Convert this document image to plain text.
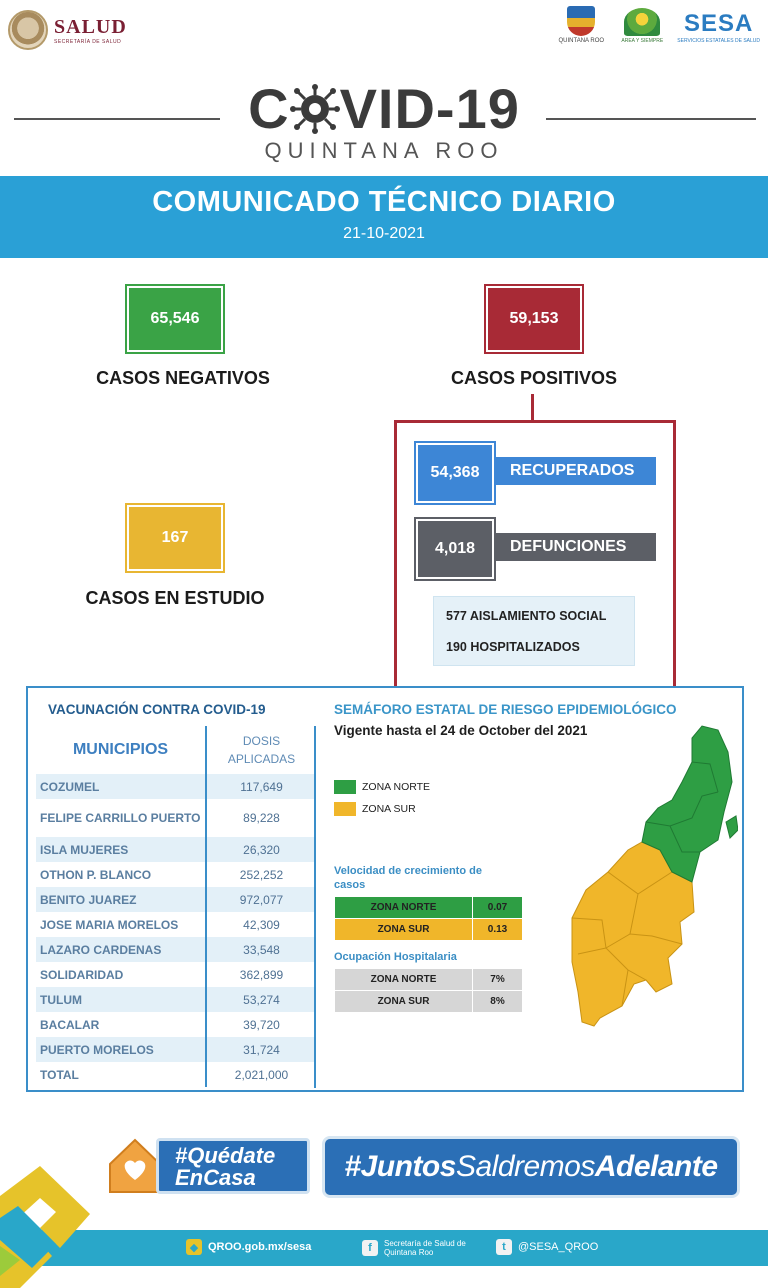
SALUD
SECRETARÍA DE SALUD	QUINTANA ROO	AREA Y SIEMPRE
SESA
SERVICIOS ESTATALES DE SALUD
C VID-19
QUINTANA ROO
COMUNICADO TÉCNICO DIARIO
21-10-2021
65,546
CASOS NEGATIVOS
59,153
CASOS POSITIVOS
167
CASOS EN ESTUDIO
54,368	RECUPERADOS
4,018	DEFUNCIONES
577 AISLAMIENTO SOCIAL
190 HOSPITALIZADOS
VACUNACIÓN CONTRA COVID-19
MUNICIPIOS	DOSIS
APLICADAS
COZUMEL	117,649
FELIPE CARRILLO PUERTO	89,228
ISLA MUJERES	26,320
OTHON P. BLANCO	252,252
BENITO JUAREZ	972,077
JOSE MARIA MORELOS	42,309
LAZARO CARDENAS	33,548
SOLIDARIDAD	362,899
TULUM	53,274
BACALAR	39,720
PUERTO MORELOS	31,724
TOTAL	2,021,000
SEMÁFORO ESTATAL DE RIESGO EPIDEMIOLÓGICO
Vigente hasta el 24 de October del 2021
ZONA NORTE
ZONA SUR
Velocidad de crecimiento de casos
ZONA NORTE	0.07
ZONA SUR	0.13
Ocupación Hospitalaria
ZONA NORTE	7%
ZONA SUR	8%
#Quédate
EnCasa	#Juntos Saldremos Adelante
◆ QROO.gob.mx/sesa	f	Secretaría de Salud de Quintana Roo	t	@SESA_QROO
